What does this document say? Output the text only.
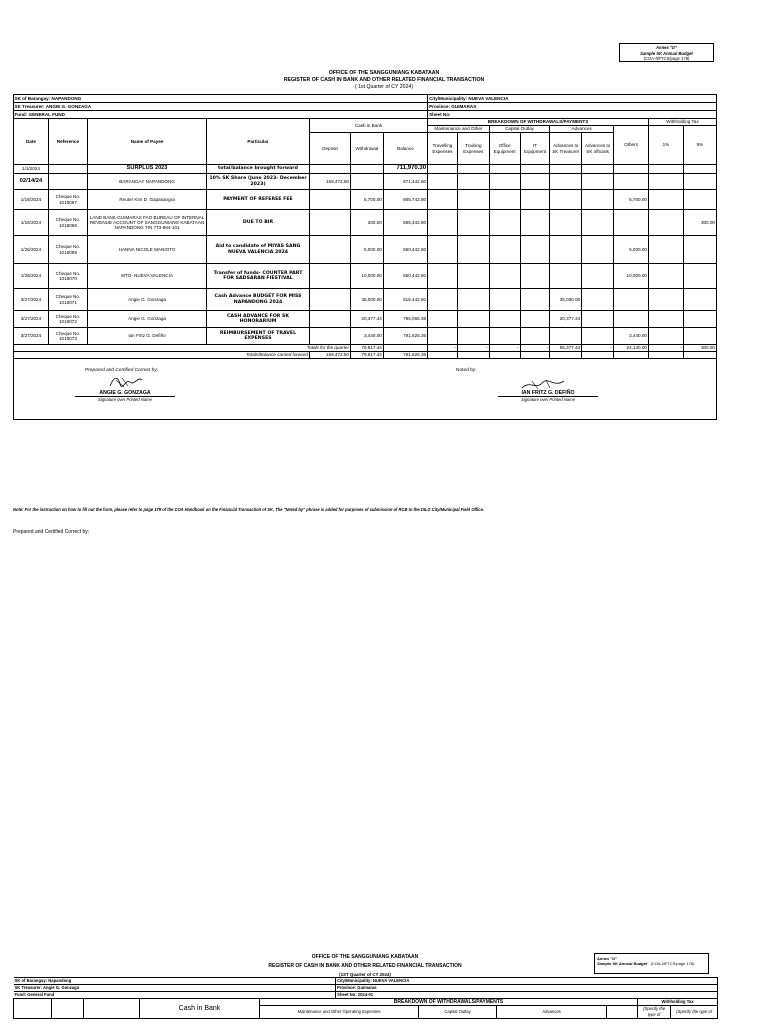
Annex "D"
Sample SK Annual Budget
(COA-NFTCS/page 178)
OFFICE OF THE SANGGUNIANG KABATAAN
REGISTER OF CASH IN BANK AND OTHER RELATED FINANCIAL TRANSACTION
( 1st Quarter of CY 2024)
SK of Barangay: NAPANDONG							City/Municipality: NUEVA VALENCIA								
SK Treasurer: ANGIE G. GONZAGA							Province: GUIMARAS								
Fund: GENERAL FUND							Sheet No:								
Date	Reference	Name of Payee	Particular	Cash in Bank			BREAKDOWN OF WITHDRAWALS/PAYMENTS							Withholding Tax	
							Maintenance and Other		Capital Outlay		Advances		Others	1%	5%
				Deposit	Withdrawal	Balance	Travelling Expenses	Training Expenses	Office Equipment	IT Equipment	Advances to SK Treasurer	Advances to SK officials			

1/1/2024		SURPLUS 2023	total/balance brought forward			711,970.30									
02/14/24		BARANGAY NAPANDONG	10% SK Share (June 2023- December 2023)	159,472.50		871,442.80									
1/16/2024	Cheque No. 1018067	Reuter Kim D. Gapasangra	PAYMENT OF REFEREE FEE		5,700.00	865,742.80							5,700.00		
1/16/2024	Cheque No. 1018068	LAND BANK-GUIMARAS FAO BUREAU OF INTERNAL REVENUE ACCOUNT OF SANGGUNIANG KABATAAN NAPANDONG TIN 773-864-101	DUE TO BIR		300.00	865,442.80									300.00
1/25/2024	Cheque No. 1018069	HANNA NICOLE MANIOTO	Aid to candidate of MIYAS SANG NUEVA VALENCIA 2024		5,000.00	860,442.80							5,000.00		
1/25/2024	Cheque No. 1018070	MTO- NUEVA VALENCIA	Transfer of funds- COUNTER PART FOR SADSARAN FIESTIVAL		10,000.00	850,442.80							10,000.00		
3/27/2024	Cheque No. 1018071	Angie G. Gonzaga	Cash Advance BUDGET FOR MISS NAPANDONG 2024		35,000.00	815,442.80					35,000.00				
3/27/2024	Cheque No. 1018072	Angie G. Gonzaga	CASH ADVANCE FOR SK HONORARIUM		20,377.44	795,065.36					20,377.44				
3/27/2024	Cheque No. 1018073	Ian Fritz G. Defiño	REIMBURSEMENT OF TRAVEL EXPENSES		3,440.00	791,625.36							3,440.00		
Totals for the quarter					79,817.44		-	-	-	-	55,377.44	-	24,140.00	-	300.00
Totals/Balance carried forward				159,472.50	79,817.44	791,625.36									
Prepared and Certified Correct by:
ANGIE G. GONZAGA
Signature over Printed Name
Noted by:
IAN FRITZ G. DEFIÑO
Signature over Printed Name
Note: For the instruction on how to fill out the form, please refer to page 179 of the COA Handbook on the Financial Transaction of SK. The "Noted by" phrase is added for purposes of submission of RCB to the DILG City/Municipal Field Office.
Prepared and Certified Correct by:
Annex "D"
Sample SK Annual Budget (COA-NFTCS/page 178)
OFFICE OF THE SANGGUNIANG KABATAAN
REGISTER OF CASH IN BANK AND OTHER RELATED FINANCIAL TRANSACTION
(1ST Quarter of CY 2024)
SK of Barangay: Napandong					City/Municipality: NUEVA VALENCIA					
SK Treasurer: Angie G. Gonzaga					Province: Guimaras					
Fund: General Fund					Sheet No: 2024-01					
			Cash in Bank	BREAKDOWN OF WITHDRAWALS/PAYMENTS					Withholding Tax	
				Maintenance and Other Operating Expenses		Capital Outlay	Advances		(Specify the type of	(Specify the type of
